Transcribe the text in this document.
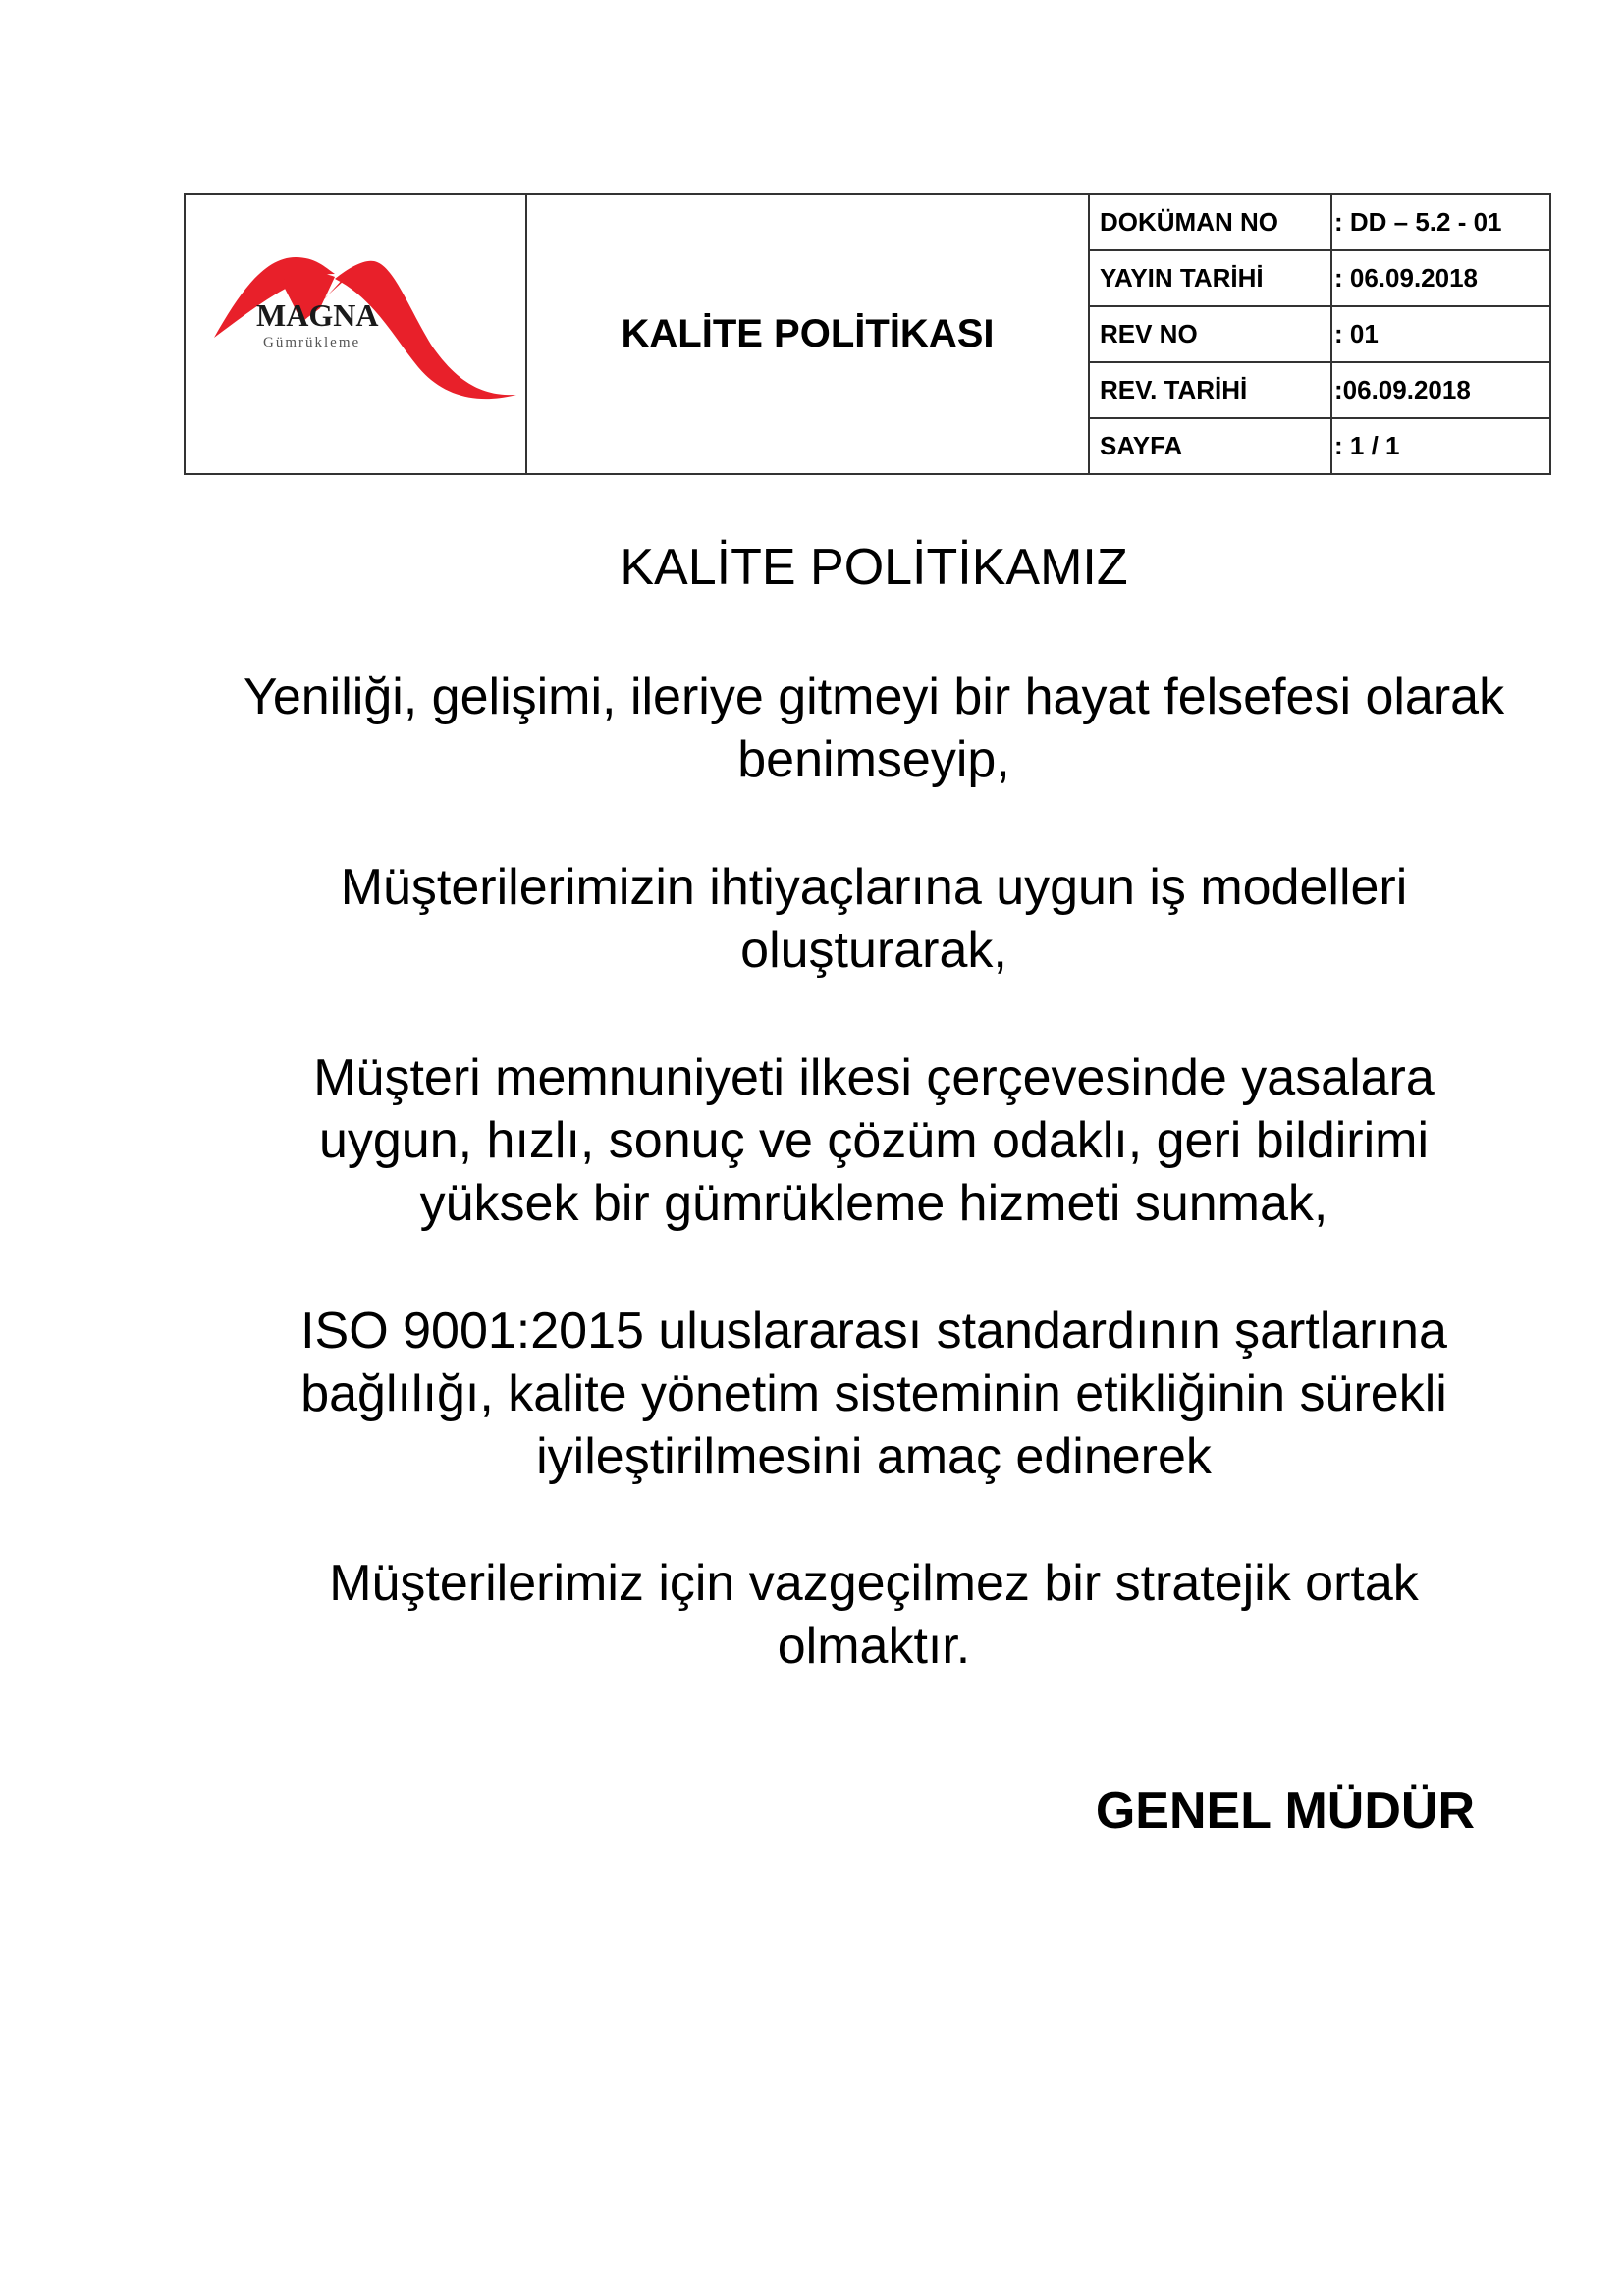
MAGNA
Gümrükleme	KALİTE POLİTİKASI	DOKÜMAN NO	: DD – 5.2 - 01
		YAYIN TARİHİ	: 06.09.2018
		REV NO	: 01
		REV. TARİHİ	:06.09.2018
		SAYFA	: 1 / 1
KALİTE POLİTİKAMIZ
Yeniliği, gelişimi, ileriye gitmeyi bir hayat felsefesi olarak
benimseyip,
Müşterilerimizin ihtiyaçlarına uygun iş modelleri
oluşturarak,
Müşteri memnuniyeti ilkesi çerçevesinde yasalara
uygun, hızlı, sonuç ve çözüm odaklı, geri bildirimi
yüksek bir gümrükleme hizmeti sunmak,
ISO 9001:2015 uluslararası standardının şartlarına
bağlılığı, kalite yönetim sisteminin etikliğinin sürekli
iyileştirilmesini amaç edinerek
Müşterilerimiz için vazgeçilmez bir stratejik ortak
olmaktır.
GENEL MÜDÜR
